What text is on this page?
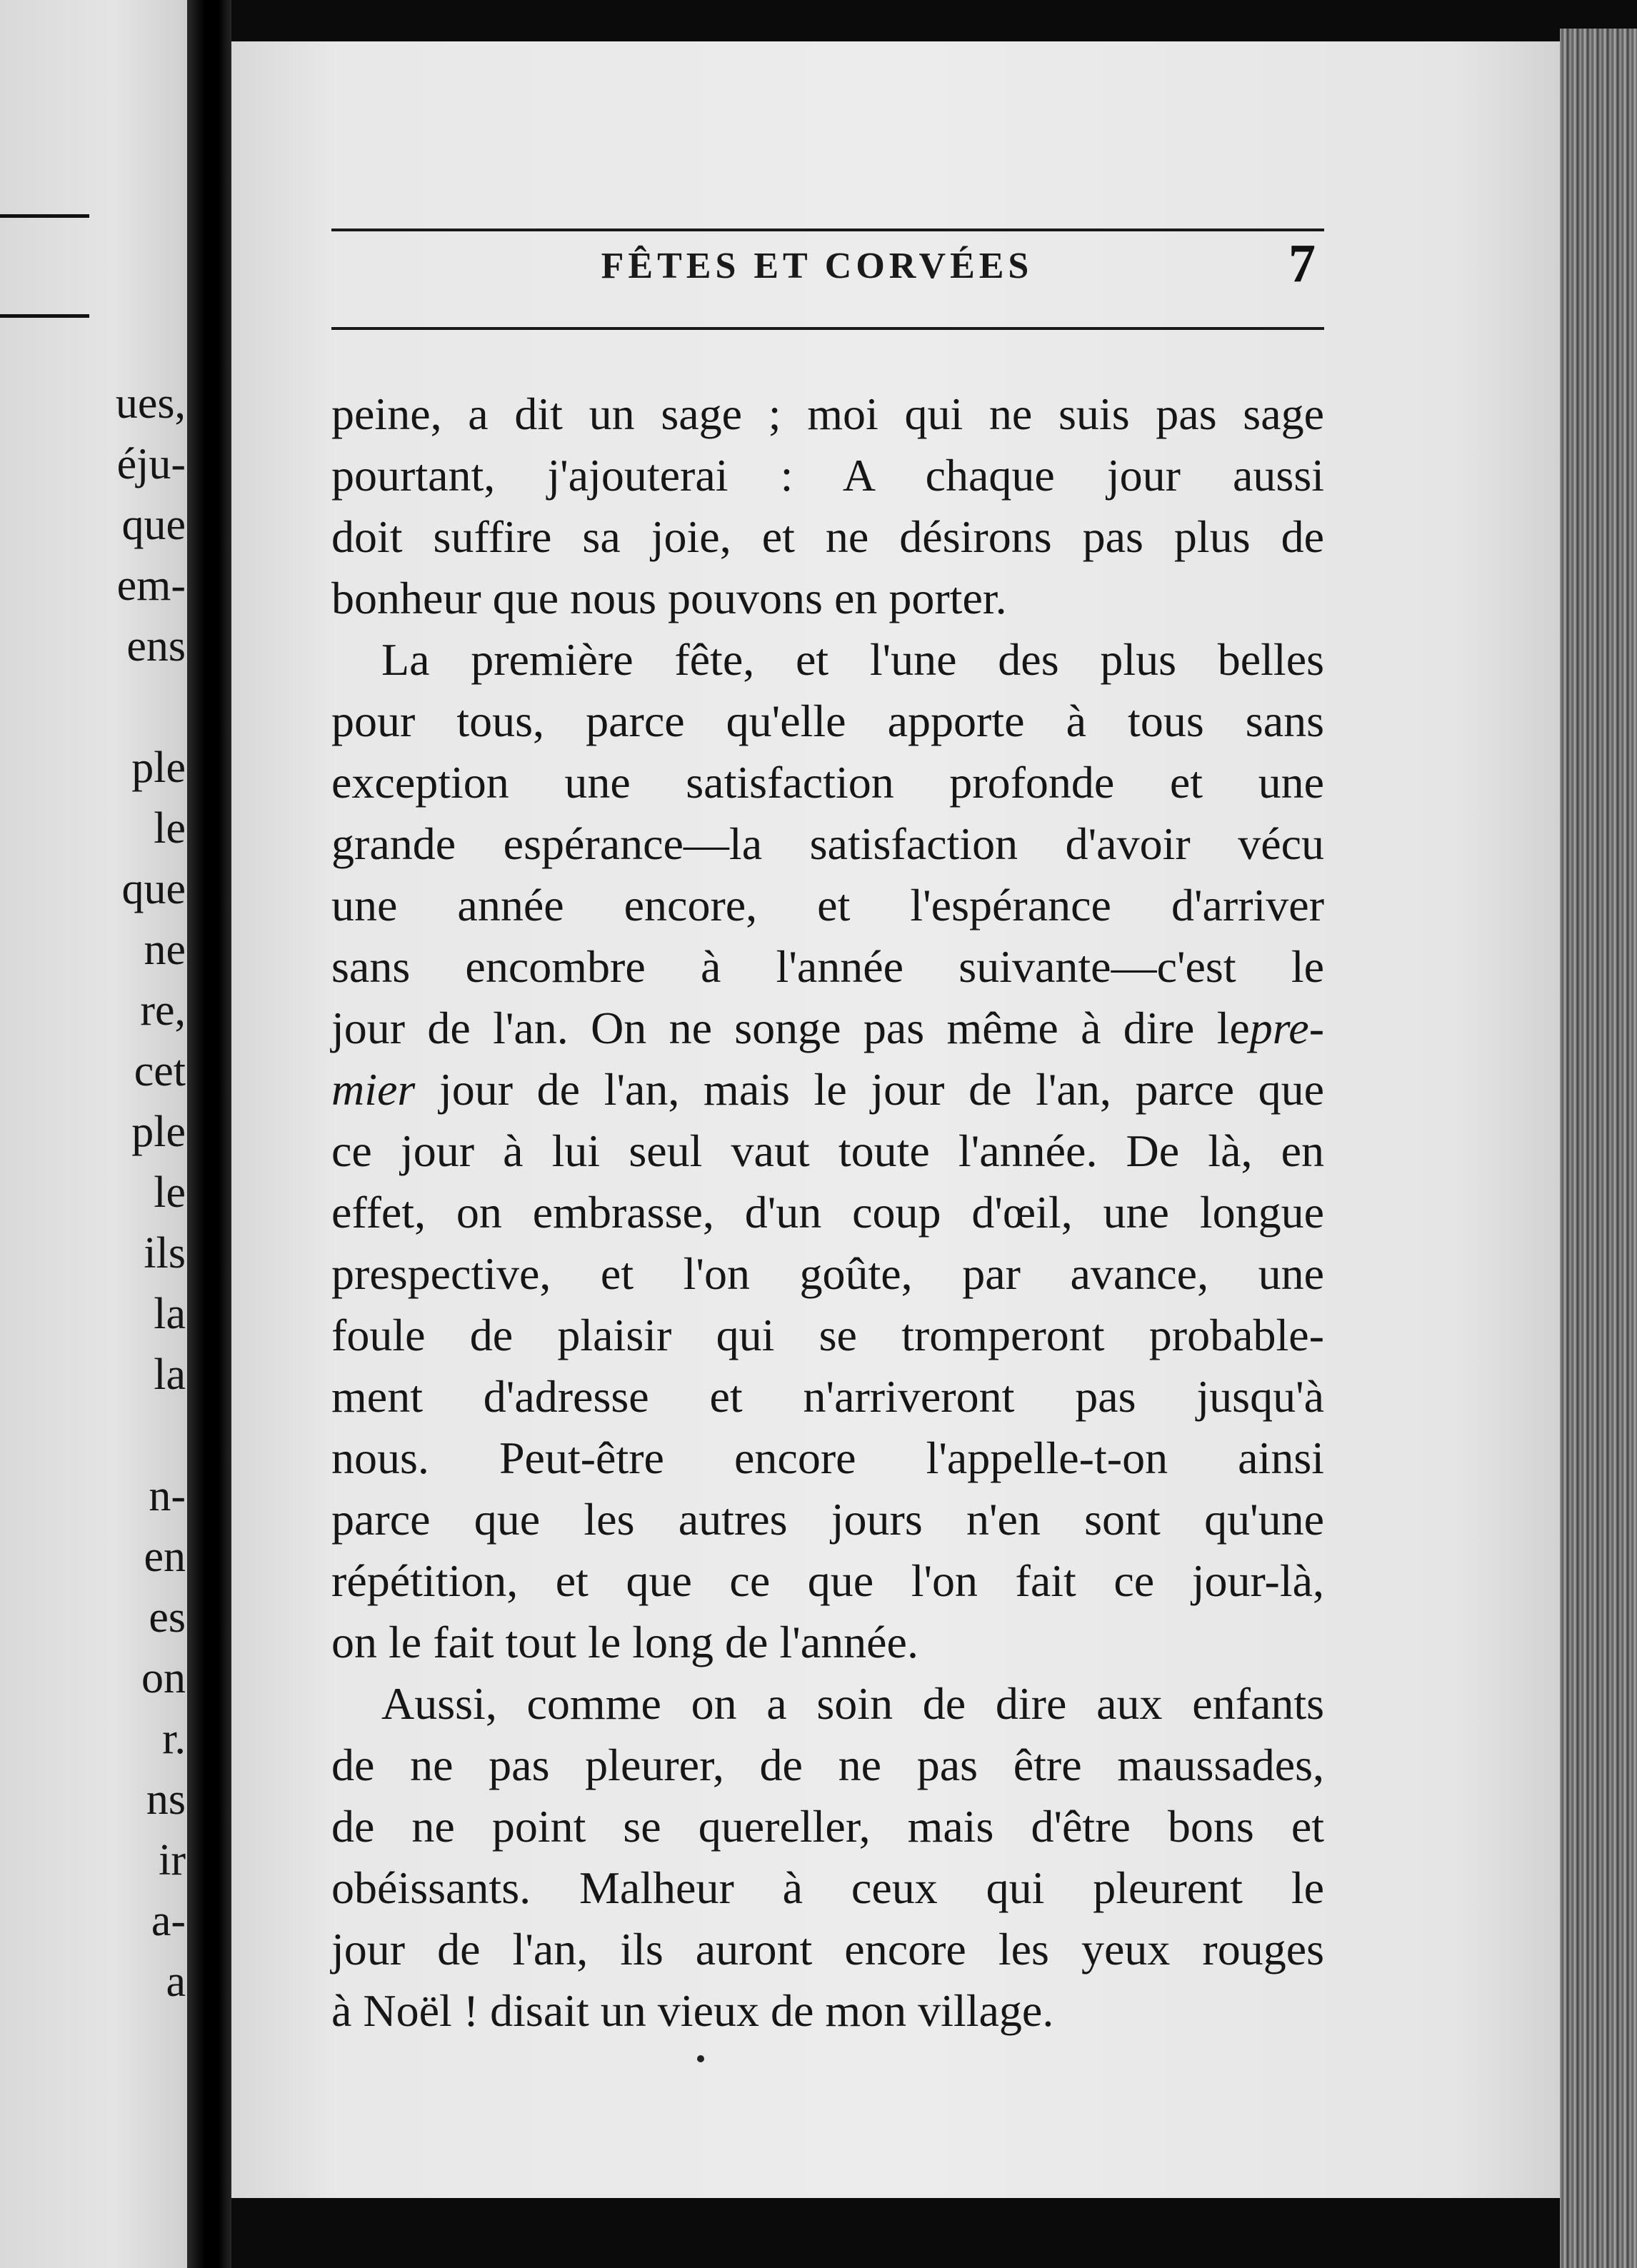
ues,
éju-
que
em-
ens
ple
le
que
ne
re,
cet
ple
le
ils
la
la
n-
en
es
on
r.
ns
ir
a-
a
FÊTES ET CORVÉES	7
peine, a dit un sage ; moi qui ne suis pas sage
pourtant, j'ajouterai : A chaque jour aussi
doit suffire sa joie, et ne désirons pas plus de
bonheur que nous pouvons en porter.
La première fête, et l'une des plus belles
pour tous, parce qu'elle apporte à tous sans
exception une satisfaction profonde et une
grande espérance—la satisfaction d'avoir vécu
une année encore, et l'espérance d'arriver
sans encombre à l'année suivante—c'est le
jour de l'an. On ne songe pas même à dire lepre-
mier jour de l'an, mais le jour de l'an, parce que
ce jour à lui seul vaut toute l'année. De là, en
effet, on embrasse, d'un coup d'œil, une longue
prespective, et l'on goûte, par avance, une
foule de plaisir qui se tromperont probable-
ment d'adresse et n'arriveront pas jusqu'à
nous. Peut-être encore l'appelle-t-on ainsi
parce que les autres jours n'en sont qu'une
répétition, et que ce que l'on fait ce jour-là,
on le fait tout le long de l'année.
Aussi, comme on a soin de dire aux enfants
de ne pas pleurer, de ne pas être maussades,
de ne point se quereller, mais d'être bons et
obéissants. Malheur à ceux qui pleurent le
jour de l'an, ils auront encore les yeux rouges
à Noël ! disait un vieux de mon village.
